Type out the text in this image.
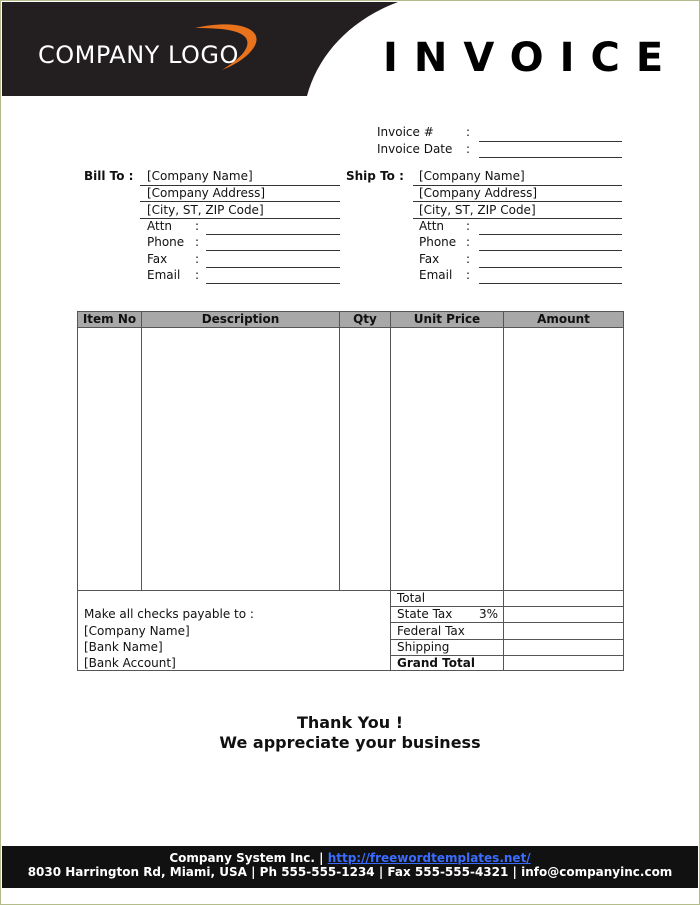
COMPANY LOGO	INVOICE
Invoice #	:
Invoice Date :
Bill To : [Company Name]
[Company Address]
[City, ST, ZIP Code]
Attn :
Phone :
Fax :
Email :
Ship To : [Company Name]
[Company Address]
[City, ST, ZIP Code]
Attn :
Phone :
Fax :
Email :
Item No	Description	Qty	Unit Price	Amount
Total
State Tax 3%
Federal Tax
Shipping
Grand Total
Make all checks payable to :
[Company Name]
[Bank Name]
[Bank Account]
Thank You !
We appreciate your business
Company System Inc. | http://freewordtemplates.net/
8030 Harrington Rd, Miami, USA | Ph 555-555-1234 | Fax 555-555-4321 | info@companyinc.com
